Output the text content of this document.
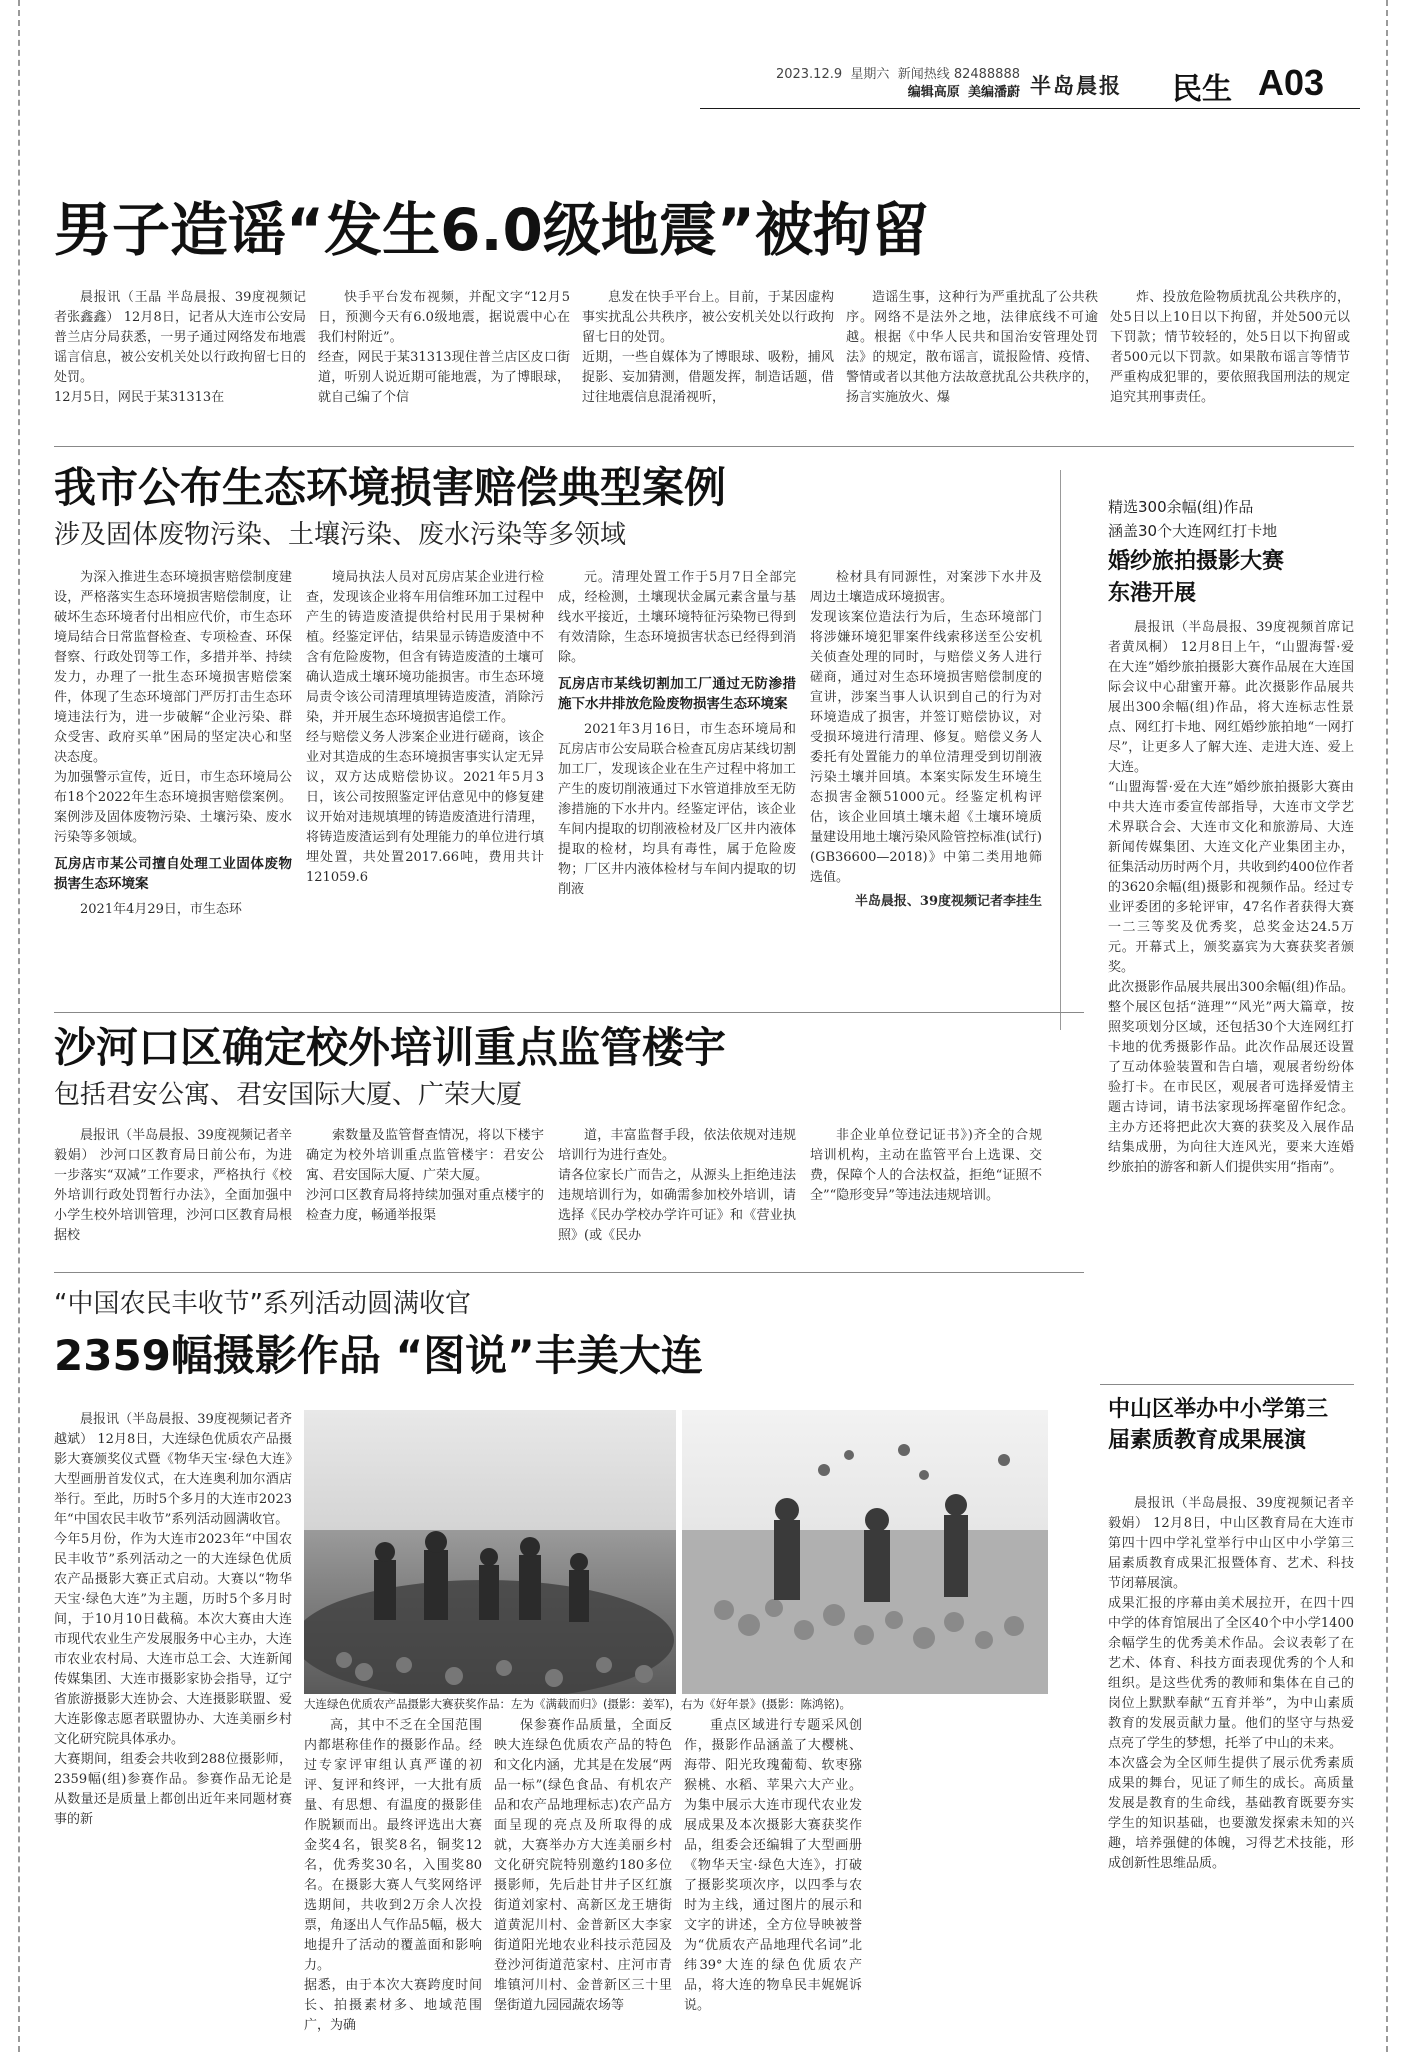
2023.12.9 星期六 新闻热线 82488888
编辑高原 美编潘蔚 半岛晨报	民生 A03
男子造谣“发生6.0级地震”被拘留

晨报讯（王晶 半岛晨报、39度视频记者张鑫鑫） 12月8日，记者从大连市公安局普兰店分局获悉，一男子通过网络发布地震谣言信息，被公安机关处以行政拘留七日的处罚。
12月5日，网民于某31313在

快手平台发布视频，并配文字“12月5日，预测今天有6.0级地震，据说震中心在我们村附近”。
经查，网民于某31313现住普兰店区皮口街道，听别人说近期可能地震，为了博眼球，就自己编了个信

息发在快手平台上。目前，于某因虚构事实扰乱公共秩序，被公安机关处以行政拘留七日的处罚。
近期，一些自媒体为了博眼球、吸粉，捕风捉影、妄加猜测，借题发挥，制造话题，借过往地震信息混淆视听，

造谣生事，这种行为严重扰乱了公共秩序。网络不是法外之地，法律底线不可逾越。根据《中华人民共和国治安管理处罚法》的规定，散布谣言，谎报险情、疫情、警情或者以其他方法故意扰乱公共秩序的，扬言实施放火、爆

炸、投放危险物质扰乱公共秩序的，处5日以上10日以下拘留，并处500元以下罚款；情节较轻的，处5日以下拘留或者500元以下罚款。如果散布谣言等情节严重构成犯罪的，要依照我国刑法的规定追究其刑事责任。

我市公布生态环境损害赔偿典型案例
涉及固体废物污染、土壤污染、废水污染等多领域

为深入推进生态环境损害赔偿制度建设，严格落实生态环境损害赔偿制度，让破坏生态环境者付出相应代价，市生态环境局结合日常监督检查、专项检查、环保督察、行政处罚等工作，多措并举、持续发力，办理了一批生态环境损害赔偿案件，体现了生态环境部门严厉打击生态环境违法行为，进一步破解“企业污染、群众受害、政府买单”困局的坚定决心和坚决态度。
为加强警示宣传，近日，市生态环境局公布18个2022年生态环境损害赔偿案例。案例涉及固体废物污染、土壤污染、废水污染等多领域。

瓦房店市某公司擅自处理工业固体废物损害生态环境案

2021年4月29日，市生态环

境局执法人员对瓦房店某企业进行检查，发现该企业将车用信维环加工过程中产生的铸造废渣提供给村民用于果树种植。经鉴定评估，结果显示铸造废渣中不含有危险废物，但含有铸造废渣的土壤可确认造成土壤环境功能损害。市生态环境局责令该公司清理填埋铸造废渣，消除污染，并开展生态环境损害追偿工作。
经与赔偿义务人涉案企业进行磋商，该企业对其造成的生态环境损害事实认定无异议，双方达成赔偿协议。2021年5月3日，该公司按照鉴定评估意见中的修复建议开始对违规填埋的铸造废渣进行清理，将铸造废渣运到有处理能力的单位进行填埋处置，共处置2017.66吨，费用共计121059.6

元。清理处置工作于5月7日全部完成，经检测，土壤现状金属元素含量与基线水平接近，土壤环境特征污染物已得到有效清除，生态环境损害状态已经得到消除。

瓦房店市某线切割加工厂通过无防渗措施下水井排放危险废物损害生态环境案

2021年3月16日，市生态环境局和瓦房店市公安局联合检查瓦房店某线切割加工厂，发现该企业在生产过程中将加工产生的废切削液通过下水管道排放至无防渗措施的下水井内。经鉴定评估，该企业车间内提取的切削液检材及厂区井内液体提取的检材，均具有毒性，属于危险废物；厂区井内液体检材与车间内提取的切削液

检材具有同源性，对案涉下水井及周边土壤造成环境损害。
发现该案位造法行为后，生态环境部门将涉嫌环境犯罪案件线索移送至公安机关侦查处理的同时，与赔偿义务人进行磋商，通过对生态环境损害赔偿制度的宣讲，涉案当事人认识到自己的行为对环境造成了损害，并签订赔偿协议，对受损环境进行清理、修复。赔偿义务人委托有处置能力的单位清理受到切削液污染土壤并回填。本案实际发生环境生态损害金额51000元。经鉴定机构评估，该企业回填土壤未超《土壤环境质量建设用地土壤污染风险管控标准(试行)(GB36600—2018)》中第二类用地筛选值。

半岛晨报、39度视频记者李挂生

精选300余幅(组)作品
涵盖30个大连网红打卡地
婚纱旅拍摄影大赛
东港开展

晨报讯（半岛晨报、39度视频首席记者黄凤桐） 12月8日上午，“山盟海誓·爱在大连”婚纱旅拍摄影大赛作品展在大连国际会议中心甜蜜开幕。此次摄影作品展共展出300余幅(组)作品，将大连标志性景点、网红打卡地、网红婚纱旅拍地“一网打尽”，让更多人了解大连、走进大连、爱上大连。
“山盟海誓·爱在大连”婚纱旅拍摄影大赛由中共大连市委宣传部指导，大连市文学艺术界联合会、大连市文化和旅游局、大连新闻传媒集团、大连文化产业集团主办，征集活动历时两个月，共收到约400位作者的3620余幅(组)摄影和视频作品。经过专业评委团的多轮评审，47名作者获得大赛一二三等奖及优秀奖，总奖金达24.5万元。开幕式上，颁奖嘉宾为大赛获奖者颁奖。
此次摄影作品展共展出300余幅(组)作品。整个展区包括“涟理”“风光”两大篇章，按照奖项划分区域，还包括30个大连网红打卡地的优秀摄影作品。此次作品展还设置了互动体验装置和告白墙，观展者纷纷体验打卡。在市民区，观展者可选择爱情主题古诗词，请书法家现场挥毫留作纪念。主办方还将把此次大赛的获奖及入展作品结集成册，为向往大连风光，要来大连婚纱旅拍的游客和新人们提供实用“指南”。

沙河口区确定校外培训重点监管楼宇
包括君安公寓、君安国际大厦、广荣大厦

晨报讯（半岛晨报、39度视频记者辛毅娟） 沙河口区教育局日前公布，为进一步落实“双减”工作要求，严格执行《校外培训行政处罚暂行办法》，全面加强中小学生校外培训管理，沙河口区教育局根据校

索数量及监管督查情况，将以下楼宇确定为校外培训重点监管楼宇：君安公寓、君安国际大厦、广荣大厦。
沙河口区教育局将持续加强对重点楼宇的检查力度，畅通举报渠

道，丰富监督手段，依法依规对违规培训行为进行查处。
请各位家长广而告之，从源头上拒绝违法违规培训行为，如确需参加校外培训，请选择《民办学校办学许可证》和《营业执照》(或《民办

非企业单位登记证书》)齐全的合规培训机构，主动在监管平台上选课、交费，保障个人的合法权益，拒绝“证照不全”“隐形变异”等违法违规培训。

“中国农民丰收节”系列活动圆满收官
2359幅摄影作品 “图说”丰美大连

晨报讯（半岛晨报、39度视频记者齐越斌） 12月8日，大连绿色优质农产品摄影大赛颁奖仪式暨《物华天宝·绿色大连》大型画册首发仪式，在大连奥利加尔酒店举行。至此，历时5个多月的大连市2023年“中国农民丰收节”系列活动圆满收官。
今年5月份，作为大连市2023年“中国农民丰收节”系列活动之一的大连绿色优质农产品摄影大赛正式启动。大赛以“物华天宝·绿色大连”为主题，历时5个多月时间，于10月10日截稿。本次大赛由大连市现代农业生产发展服务中心主办，大连市农业农村局、大连市总工会、大连新闻传媒集团、大连市摄影家协会指导，辽宁省旅游摄影大连协会、大连摄影联盟、爱大连影像志愿者联盟协办、大连美丽乡村文化研究院具体承办。
大赛期间，组委会共收到288位摄影师，2359幅(组)参赛作品。参赛作品无论是从数量还是质量上都创出近年来同题材赛事的新

大连绿色优质农产品摄影大赛获奖作品：左为《满载而归》(摄影：姜军)，右为《好年景》(摄影：陈鸿铭)。

高，其中不乏在全国范围内都堪称佳作的摄影作品。经过专家评审组认真严谨的初评、复评和终评，一大批有质量、有思想、有温度的摄影佳作脱颖而出。最终评选出大赛金奖4名，银奖8名，铜奖12名，优秀奖30名，入围奖80名。在摄影大赛人气奖网络评选期间，共收到2万余人次投票，角逐出人气作品5幅，极大地提升了活动的覆盖面和影响力。
据悉，由于本次大赛跨度时间长、拍摄素材多、地域范围广，为确

保参赛作品质量，全面反映大连绿色优质农产品的特色和文化内涵，尤其是在发展“两品一标”(绿色食品、有机农产品和农产品地理标志)农产品方面呈现的亮点及所取得的成就，大赛举办方大连美丽乡村文化研究院特别邀约180多位摄影师，先后赴甘井子区红旗街道刘家村、高新区龙王塘街道黄泥川村、金普新区大李家街道阳光地农业科技示范园及登沙河街道范家村、庄河市青堆镇河川村、金普新区三十里堡街道九园园蔬农场等

重点区域进行专题采风创作，摄影作品涵盖了大樱桃、海带、阳光玫瑰葡萄、软枣猕猴桃、水稻、苹果六大产业。为集中展示大连市现代农业发展成果及本次摄影大赛获奖作品，组委会还编辑了大型画册《物华天宝·绿色大连》，打破了摄影奖项次序，以四季与农时为主线，通过图片的展示和文字的讲述，全方位导映被誉为“优质农产品地理代名词”北纬39°大连的绿色优质农产品，将大连的物阜民丰娓娓诉说。

中山区举办中小学第三届素质教育成果展演

晨报讯（半岛晨报、39度视频记者辛毅娟） 12月8日，中山区教育局在大连市第四十四中学礼堂举行中山区中小学第三届素质教育成果汇报暨体育、艺术、科技节闭幕展演。
成果汇报的序幕由美术展拉开，在四十四中学的体育馆展出了全区40个中小学1400余幅学生的优秀美术作品。会议表彰了在艺术、体育、科技方面表现优秀的个人和组织。是这些优秀的教师和集体在自己的岗位上默默奉献“五育并举”，为中山素质教育的发展贡献力量。他们的坚守与热爱点亮了学生的梦想，托举了中山的未来。
本次盛会为全区师生提供了展示优秀素质成果的舞台，见证了师生的成长。高质量发展是教育的生命线，基础教育既要夯实学生的知识基础，也要激发探索未知的兴趣，培养强健的体魄，习得艺术技能，形成创新性思维品质。
